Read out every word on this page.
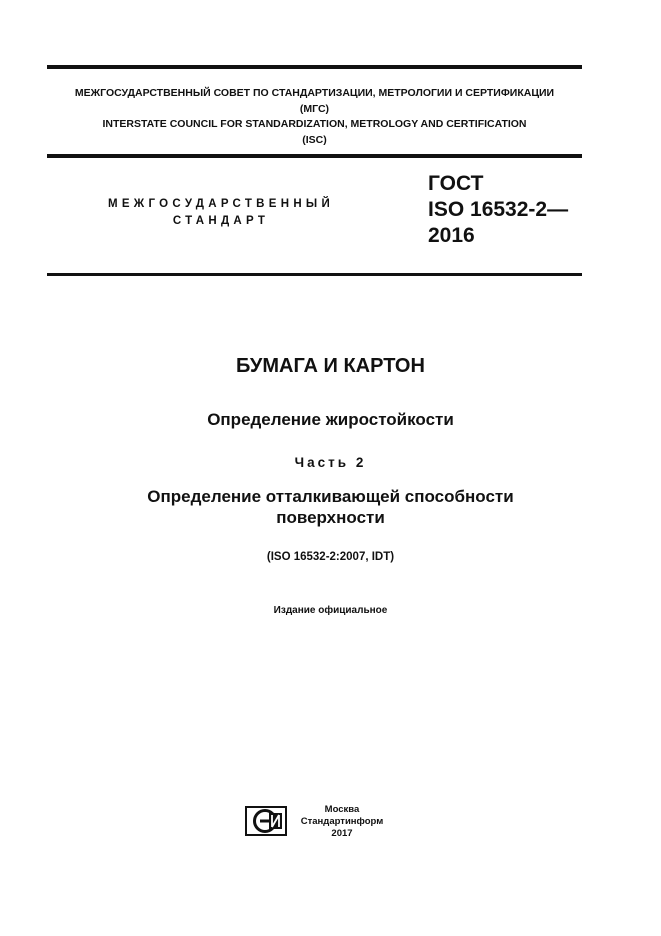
МЕЖГОСУДАРСТВЕННЫЙ СОВЕТ ПО СТАНДАРТИЗАЦИИ, МЕТРОЛОГИИ И СЕРТИФИКАЦИИ
(МГС)
INTERSTATE COUNCIL FOR STANDARDIZATION, METROLOGY AND CERTIFICATION
(ISC)
МЕЖГОСУДАРСТВЕННЫЙ
СТАНДАРТ
ГОСТ
ISO 16532-2—
2016
БУМАГА И КАРТОН
Определение жиростойкости
Часть 2
Определение отталкивающей способности
поверхности
(ISO 16532-2:2007, IDT)
Издание официальное
Москва
Стандартинформ
2017
